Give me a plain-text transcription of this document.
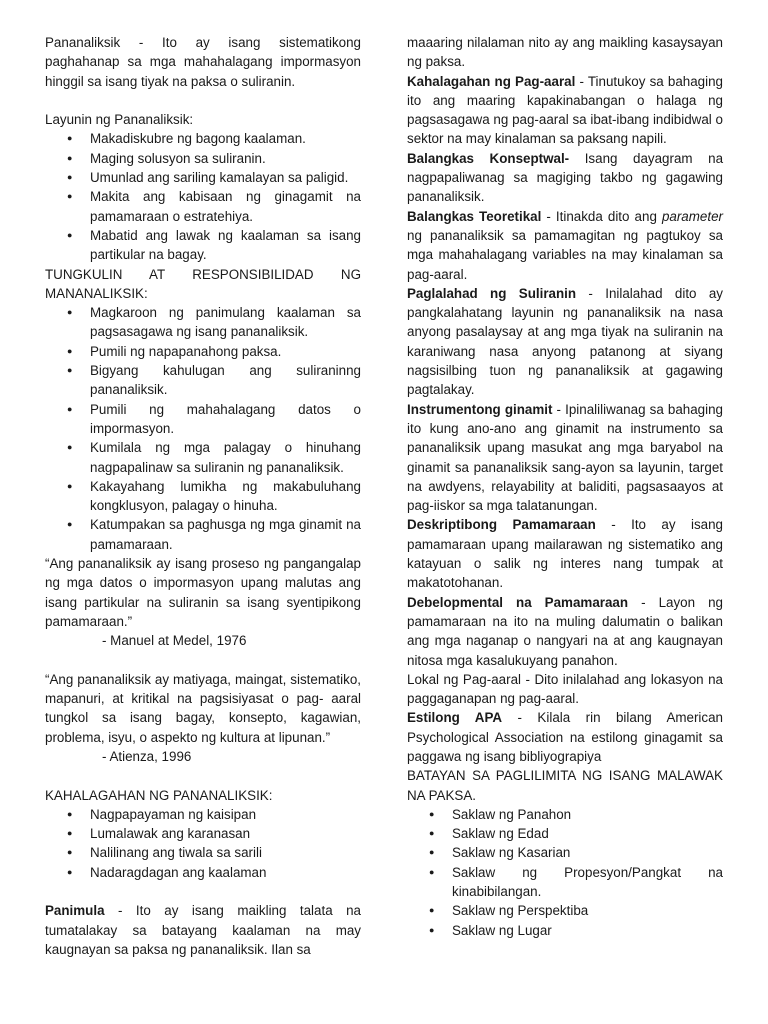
Pananaliksik - Ito ay isang sistematikong paghahanap sa mga mahahalagang impormasyon hinggil sa isang tiyak na paksa o suliranin.

Layunin ng Pananaliksik:

● Makadiskubre ng bagong kaalaman.
● Maging solusyon sa suliranin.
● Umunlad ang sariling kamalayan sa paligid.
● Makita ang kabisaan ng ginagamit na pamamaraan o estratehiya.
● Mabatid ang lawak ng kaalaman sa isang partikular na bagay.

TUNGKULIN AT RESPONSIBILIDAD NG MANANALIKSIK:

● Magkaroon ng panimulang kaalaman sa pagsasagawa ng isang pananaliksik.
● Pumili ng napapanahong paksa.
● Bigyang kahulugan ang suliraninng pananaliksik.
● Pumili ng mahahalagang datos o impormasyon.
● Kumilala ng mga palagay o hinuhang nagpapalinaw sa suliranin ng pananaliksik.
● Kakayahang lumikha ng makabuluhang kongklusyon, palagay o hinuha.
● Katumpakan sa paghusga ng mga ginamit na pamamaraan.

“Ang pananaliksik ay isang proseso ng pangangalap ng mga datos o impormasyon upang malutas ang isang partikular na suliranin sa isang syentipikong pamamaraan.”

- Manuel at Medel, 1976

“Ang pananaliksik ay matiyaga, maingat, sistematiko, mapanuri, at kritikal na pagsisiyasat o pag- aaral tungkol sa isang bagay, konsepto, kagawian, problema, isyu, o aspekto ng kultura at lipunan.”

- Atienza, 1996

KAHALAGAHAN NG PANANALIKSIK:

● Nagpapayaman ng kaisipan
● Lumalawak ang karanasan
● Nalilinang ang tiwala sa sarili
● Nadaragdagan ang kaalaman

Panimula - Ito ay isang maikling talata na tumatalakay sa batayang kaalaman na may kaugnayan sa paksa ng pananaliksik. Ilan sa

maaaring nilalaman nito ay ang maikling kasaysayan ng paksa.

Kahalagahan ng Pag-aaral - Tinutukoy sa bahaging ito ang maaring kapakinabangan o halaga ng pagsasagawa ng pag-aaral sa ibat-ibang indibidwal o sektor na may kinalaman sa paksang napili.

Balangkas Konseptwal- Isang dayagram na nagpapaliwanag sa magiging takbo ng gagawing pananaliksik.

Balangkas Teoretikal - Itinakda dito ang parameter ng pananaliksik sa pamamagitan ng pagtukoy sa mga mahahalagang variables na may kinalaman sa pag-aaral.

Paglalahad ng Suliranin - Inilalahad dito ay pangkalahatang layunin ng pananaliksik na nasa anyong pasalaysay at ang mga tiyak na suliranin na karaniwang nasa anyong patanong at siyang nagsisilbing tuon ng pananaliksik at gagawing pagtalakay.

Instrumentong ginamit - Ipinaliliwanag sa bahaging ito kung ano-ano ang ginamit na instrumento sa pananaliksik upang masukat ang mga baryabol na ginamit sa pananaliksik sang-ayon sa layunin, target na awdyens, relayability at baliditi, pagsasaayos at pag-iiskor sa mga talatanungan.

Deskriptibong Pamamaraan - Ito ay isang pamamaraan upang mailarawan ng sistematiko ang katayuan o salik ng interes nang tumpak at makatotohanan.

Debelopmental na Pamamaraan - Layon ng pamamaraan na ito na muling dalumatin o balikan ang mga naganap o nangyari na at ang kaugnayan nitosa mga kasalukuyang panahon.

Lokal ng Pag-aaral - Dito inilalahad ang lokasyon na paggaganapan ng pag-aaral.

Estilong APA - Kilala rin bilang American Psychological Association na estilong ginagamit sa paggawa ng isang bibliyograpiya

BATAYAN SA PAGLILIMITA NG ISANG MALAWAK NA PAKSA.

● Saklaw ng Panahon
● Saklaw ng Edad
● Saklaw ng Kasarian
● Saklaw ng Propesyon/Pangkat na kinabibilangan.
● Saklaw ng Perspektiba
● Saklaw ng Lugar
